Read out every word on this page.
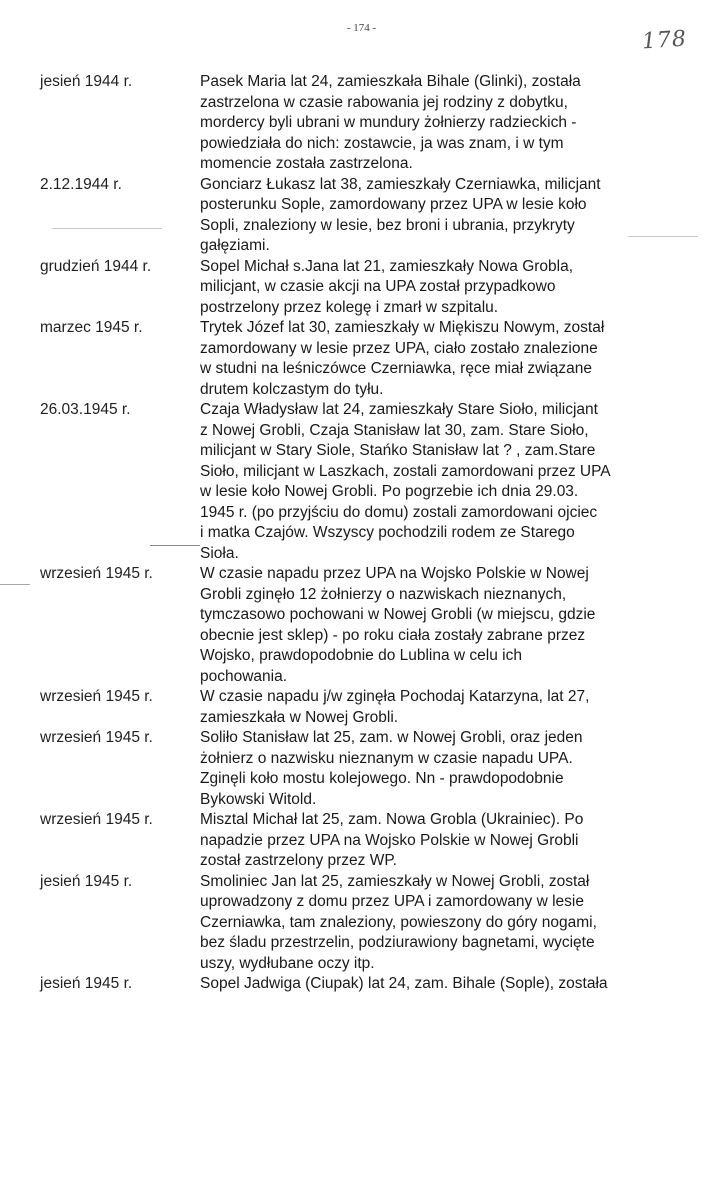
- 174 -	178
jesień 1944 r.	Pasek Maria lat 24, zamieszkała Bihale (Glinki), została
zastrzelona w czasie rabowania jej rodziny z dobytku,
mordercy byli ubrani w mundury żołnierzy radzieckich -
powiedziała do nich: zostawcie, ja was znam, i w tym
momencie została zastrzelona.
2.12.1944 r.	Gonciarz Łukasz lat 38, zamieszkały Czerniawka, milicjant
posterunku Sople, zamordowany przez UPA w lesie koło
Sopli, znaleziony w lesie, bez broni i ubrania, przykryty
gałęziami.
grudzień 1944 r.	Sopel Michał s.Jana lat 21, zamieszkały Nowa Grobla,
milicjant, w czasie akcji na UPA został przypadkowo
postrzelony przez kolegę i zmarł w szpitalu.
marzec 1945 r.	Trytek Józef lat 30, zamieszkały w Miękiszu Nowym, został
zamordowany w lesie przez UPA, ciało zostało znalezione
w studni na leśniczówce Czerniawka, ręce miał związane
drutem kolczastym do tyłu.
26.03.1945 r.	Czaja Władysław lat 24, zamieszkały Stare Sioło, milicjant
z Nowej Grobli, Czaja Stanisław lat 30, zam. Stare Sioło,
milicjant w Stary Siole, Stańko Stanisław lat ? , zam.Stare
Sioło, milicjant w Laszkach, zostali zamordowani przez UPA
w lesie koło Nowej Grobli. Po pogrzebie ich dnia 29.03.
1945 r. (po przyjściu do domu) zostali zamordowani ojciec
i matka Czajów. Wszyscy pochodzili rodem ze Starego
Sioła.
wrzesień 1945 r.	W czasie napadu przez UPA na Wojsko Polskie w Nowej
Grobli zginęło 12 żołnierzy o nazwiskach nieznanych,
tymczasowo pochowani w Nowej Grobli (w miejscu, gdzie
obecnie jest sklep) - po roku ciała zostały zabrane przez
Wojsko, prawdopodobnie do Lublina w celu ich
pochowania.
wrzesień 1945 r.	W czasie napadu j/w zginęła Pochodaj Katarzyna, lat 27,
zamieszkała w Nowej Grobli.
wrzesień 1945 r.	Soliło Stanisław lat 25, zam. w Nowej Grobli, oraz jeden
żołnierz o nazwisku nieznanym w czasie napadu UPA.
Zginęli koło mostu kolejowego. Nn - prawdopodobnie
Bykowski Witold.
wrzesień 1945 r.	Misztal Michał lat 25, zam. Nowa Grobla (Ukrainiec). Po
napadzie przez UPA na Wojsko Polskie w Nowej Grobli
został zastrzelony przez WP.
jesień 1945 r.	Smoliniec Jan lat 25, zamieszkały w Nowej Grobli, został
uprowadzony z domu przez UPA i zamordowany w lesie
Czerniawka, tam znaleziony, powieszony do góry nogami,
bez śladu przestrzelin, podziurawiony bagnetami, wycięte
uszy, wydłubane oczy itp.
jesień 1945 r.	Sopel Jadwiga (Ciupak) lat 24, zam. Bihale (Sople), została
